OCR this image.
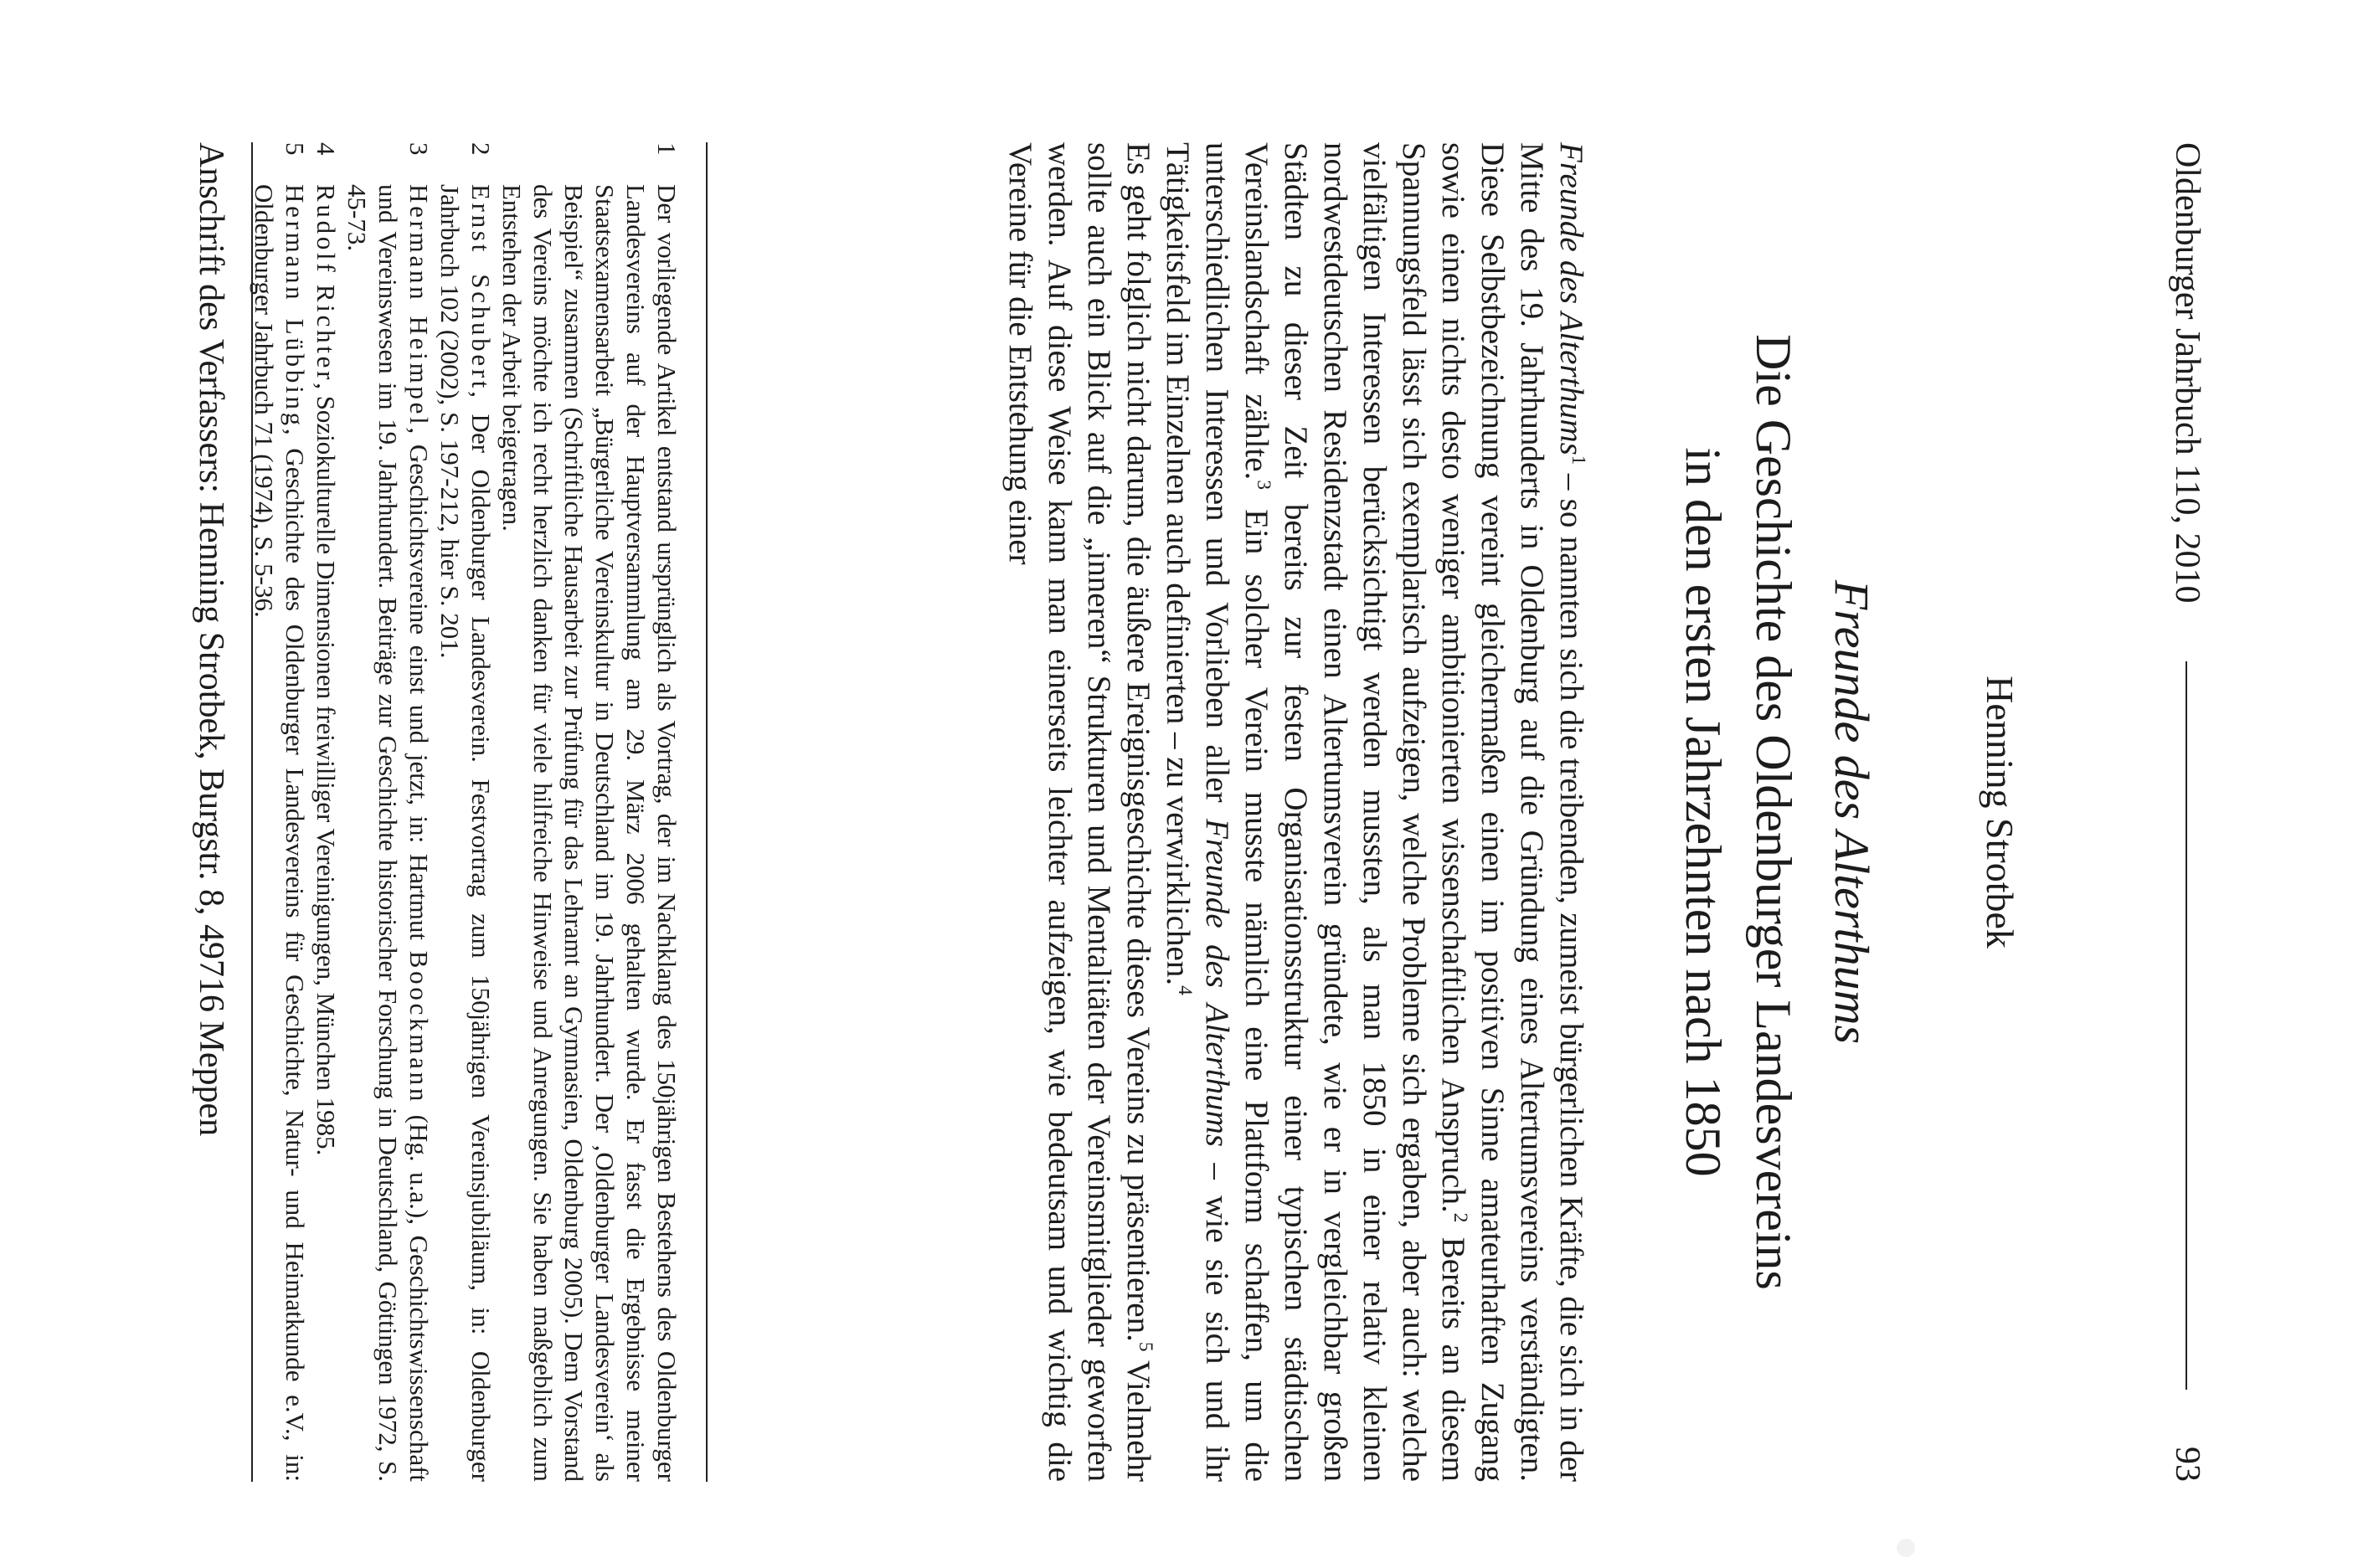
Oldenburger Jahrbuch 110, 2010
93
Henning Strotbek
Freunde des Alterthums
Die Geschichte des Oldenburger Landesvereins
in den ersten Jahrzehnten nach 1850

Freunde des Alterthums$^1$ – so nannten sich die treibenden, zumeist bürgerlichen Kräfte, die sich in der Mitte des 19. Jahrhunderts in Oldenburg auf die Gründung eines Altertumsvereins verständigten. Diese Selbstbezeichnung vereint gleichermaßen einen im positiven Sinne amateurhaften Zugang sowie einen nichts desto weniger ambitionierten wissenschaftlichen Anspruch.$^2$ Bereits an diesem Spannungsfeld lässt sich exemplarisch aufzeigen, welche Probleme sich ergaben, aber auch: welche vielfältigen Interessen berücksichtigt werden mussten, als man 1850 in einer relativ kleinen nordwestdeutschen Residenzstadt einen Altertumsverein gründete, wie er in vergleichbar großen Städten zu dieser Zeit bereits zur festen Organisationsstruktur einer typischen städtischen Vereinslandschaft zählte.$^3$ Ein solcher Verein musste nämlich eine Plattform schaffen, um die unterschiedlichen Interessen und Vorlieben aller Freunde des Alterthums – wie sie sich und ihr Tätigkeitsfeld im Einzelnen auch definierten – zu verwirklichen.$^4$

Es geht folglich nicht darum, die äußere Ereignisgeschichte dieses Vereins zu präsentieren.$^5$ Vielmehr sollte auch ein Blick auf die „inneren“ Strukturen und Mentalitäten der Vereinsmitglieder geworfen werden. Auf diese Weise kann man einerseits leichter aufzeigen, wie bedeutsam und wichtig die Vereine für die Entstehung einer

1
Der vorliegende Artikel entstand ursprünglich als Vortrag, der im Nachklang des 150jährigen Bestehens des Oldenburger Landesvereins auf der Hauptversammlung am 29. März 2006 gehalten wurde. Er fasst die Ergebnisse meiner Staatsexamensarbeit „Bürgerliche Vereinskultur in Deutschland im 19. Jahrhundert. Der ‚Oldenburger Landesverein‘ als Beispiel“ zusammen (Schriftliche Hausarbeit zur Prüfung für das Lehramt an Gymnasien, Oldenburg 2005). Dem Vorstand des Vereins möchte ich recht herzlich danken für viele hilfreiche Hinweise und Anregungen. Sie haben maßgeblich zum Entstehen der Arbeit beigetragen.

2
Ernst Schubert, Der Oldenburger Landesverein. Festvortrag zum 150jährigen Vereinsjubiläum, in: Oldenburger Jahrbuch 102 (2002), S. 197-212, hier S. 201.

3
Hermann Heimpel, Geschichtsvereine einst und jetzt, in: Hartmut Boockmann (Hg. u.a.), Geschichtswissenschaft und Vereinswesen im 19. Jahrhundert. Beiträge zur Geschichte historischer Forschung in Deutschland, Göttingen 1972, S. 45-73.

4
Rudolf Richter, Soziokulturelle Dimensionen freiwilliger Vereinigungen, München 1985.

5
Hermann Lübbing, Geschichte des Oldenburger Landesvereins für Geschichte, Natur- und Heimatkunde e.V., in: Oldenburger Jahrbuch 71 (1974), S. 5-36.

Anschrift des Verfassers: Henning Strotbek, Burgstr. 8, 49716 Meppen
